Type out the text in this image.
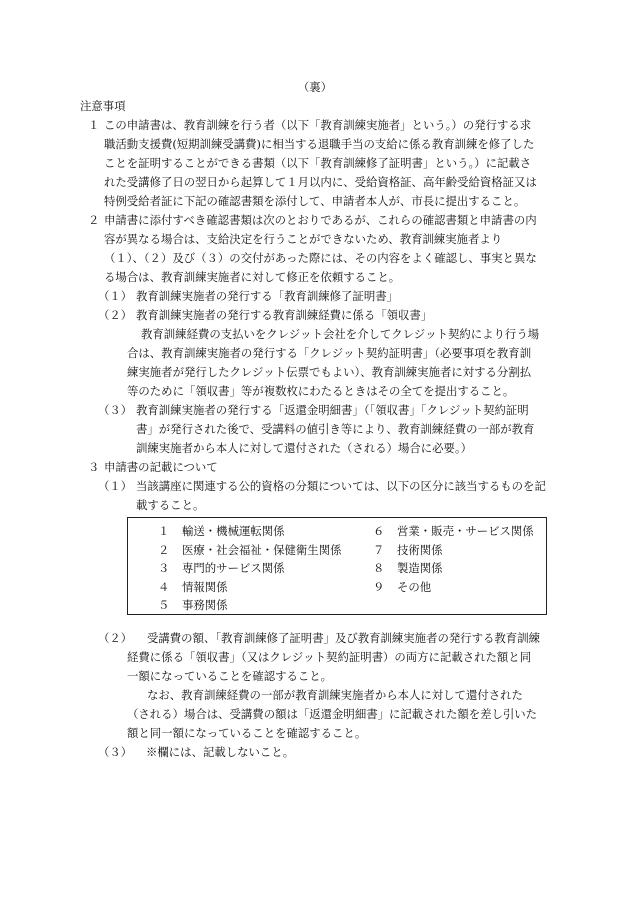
（裏）
注意事項
１ この申請書は、教育訓練を行う者（以下「教育訓練実施者」という。）の発行する求職活動支援費(短期訓練受講費)に相当する退職手当の支給に係る教育訓練を修了したことを証明することができる書類（以下「教育訓練修了証明書」という。）に記載された受講修了日の翌日から起算して１月以内に、受給資格証、高年齢受給資格証又は特例受給者証に下記の確認書類を添付して、申請者本人が、市長に提出すること。
２ 申請書に添付すべき確認書類は次のとおりであるが、これらの確認書類と申請書の内容が異なる場合は、支給決定を行うことができないため、教育訓練実施者より（１）、（２）及び（３）の交付があった際には、その内容をよく確認し、事実と異なる場合は、教育訓練実施者に対して修正を依頼すること。
（１） 教育訓練実施者の発行する「教育訓練修了証明書」
（２） 教育訓練実施者の発行する教育訓練経費に係る「領収書」
教育訓練経費の支払いをクレジット会社を介してクレジット契約により行う場合は、教育訓練実施者の発行する「クレジット契約証明書」（必要事項を教育訓練実施者が発行したクレジット伝票でもよい）、教育訓練実施者に対する分割払等のために「領収書」等が複数枚にわたるときはその全てを提出すること。
（３） 教育訓練実施者の発行する「返還金明細書」（「領収書」「クレジット契約証明書」が発行された後で、受講料の値引き等により、教育訓練経費の一部が教育訓練実施者から本人に対して還付された（される）場合に必要。）
３ 申請書の記載について
（１） 当該講座に関連する公的資格の分類については、以下の区分に該当するものを記載すること。
１ 輸送・機械運転関係
２ 医療・社会福祉・保健衛生関係
３ 専門的サービス関係
４ 情報関係
５ 事務関係
６ 営業・販売・サービス関係
７ 技術関係
８ 製造関係
９ その他
（２）	受講費の額、「教育訓練修了証明書」及び教育訓練実施者の発行する教育訓練経費に係る「領収書」（又はクレジット契約証明書）の両方に記載された額と同一額になっていることを確認すること。
なお、教育訓練経費の一部が教育訓練実施者から本人に対して還付された（される）場合は、受講費の額は「返還金明細書」に記載された額を差し引いた額と同一額になっていることを確認すること。
（３） ※欄には、記載しないこと。
